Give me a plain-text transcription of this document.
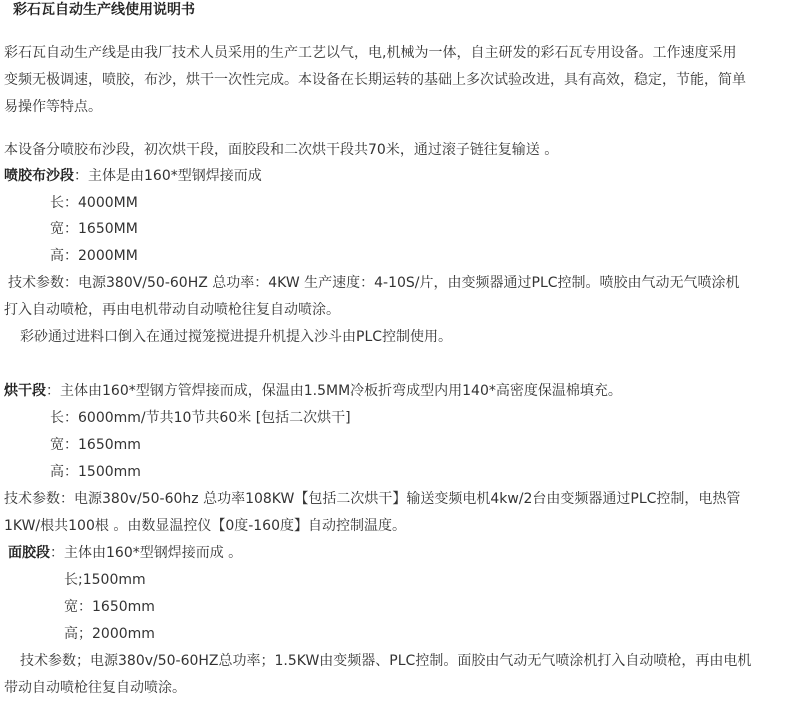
彩石瓦自动生产线使用说明书
彩石瓦自动生产线是由我厂技术人员采用的生产工艺以气，电,机械为一体，自主研发的彩石瓦专用设备。工作速度采用
变频无极调速，喷胶，布沙，烘干一次性完成。本设备在长期运转的基础上多次试验改进，具有高效，稳定，节能，简单
易操作等特点。
本设备分喷胶布沙段，初次烘干段，面胶段和二次烘干段共70米，通过滚子链往复输送 。
喷胶布沙段：主体是由160*型钢焊接而成
长：4000MM
宽：1650MM
高：2000MM
技术参数：电源380V/50-60HZ 总功率：4KW 生产速度：4-10S/片，由变频器通过PLC控制。喷胶由气动无气喷涂机
打入自动喷枪，再由电机带动自动喷枪往复自动喷涂。
彩砂通过进料口倒入在通过搅笼搅进提升机提入沙斗由PLC控制使用。
烘干段：主体由160*型钢方管焊接而成，保温由1.5MM冷板折弯成型内用140*高密度保温棉填充。
长：6000mm/节共10节共60米 [包括二次烘干]
宽：1650mm
高：1500mm
技术参数：电源380v/50-60hz 总功率108KW【包括二次烘干】输送变频电机4kw/2台由变频器通过PLC控制，电热管
1KW/根共100根 。由数显温控仪【0度-160度】自动控制温度。
面胶段：主体由160*型钢焊接而成 。
长;1500mm
宽：1650mm
高；2000mm
技术参数；电源380v/50-60HZ总功率；1.5KW由变频器、PLC控制。面胶由气动无气喷涂机打入自动喷枪，再由电机
带动自动喷枪往复自动喷涂。
